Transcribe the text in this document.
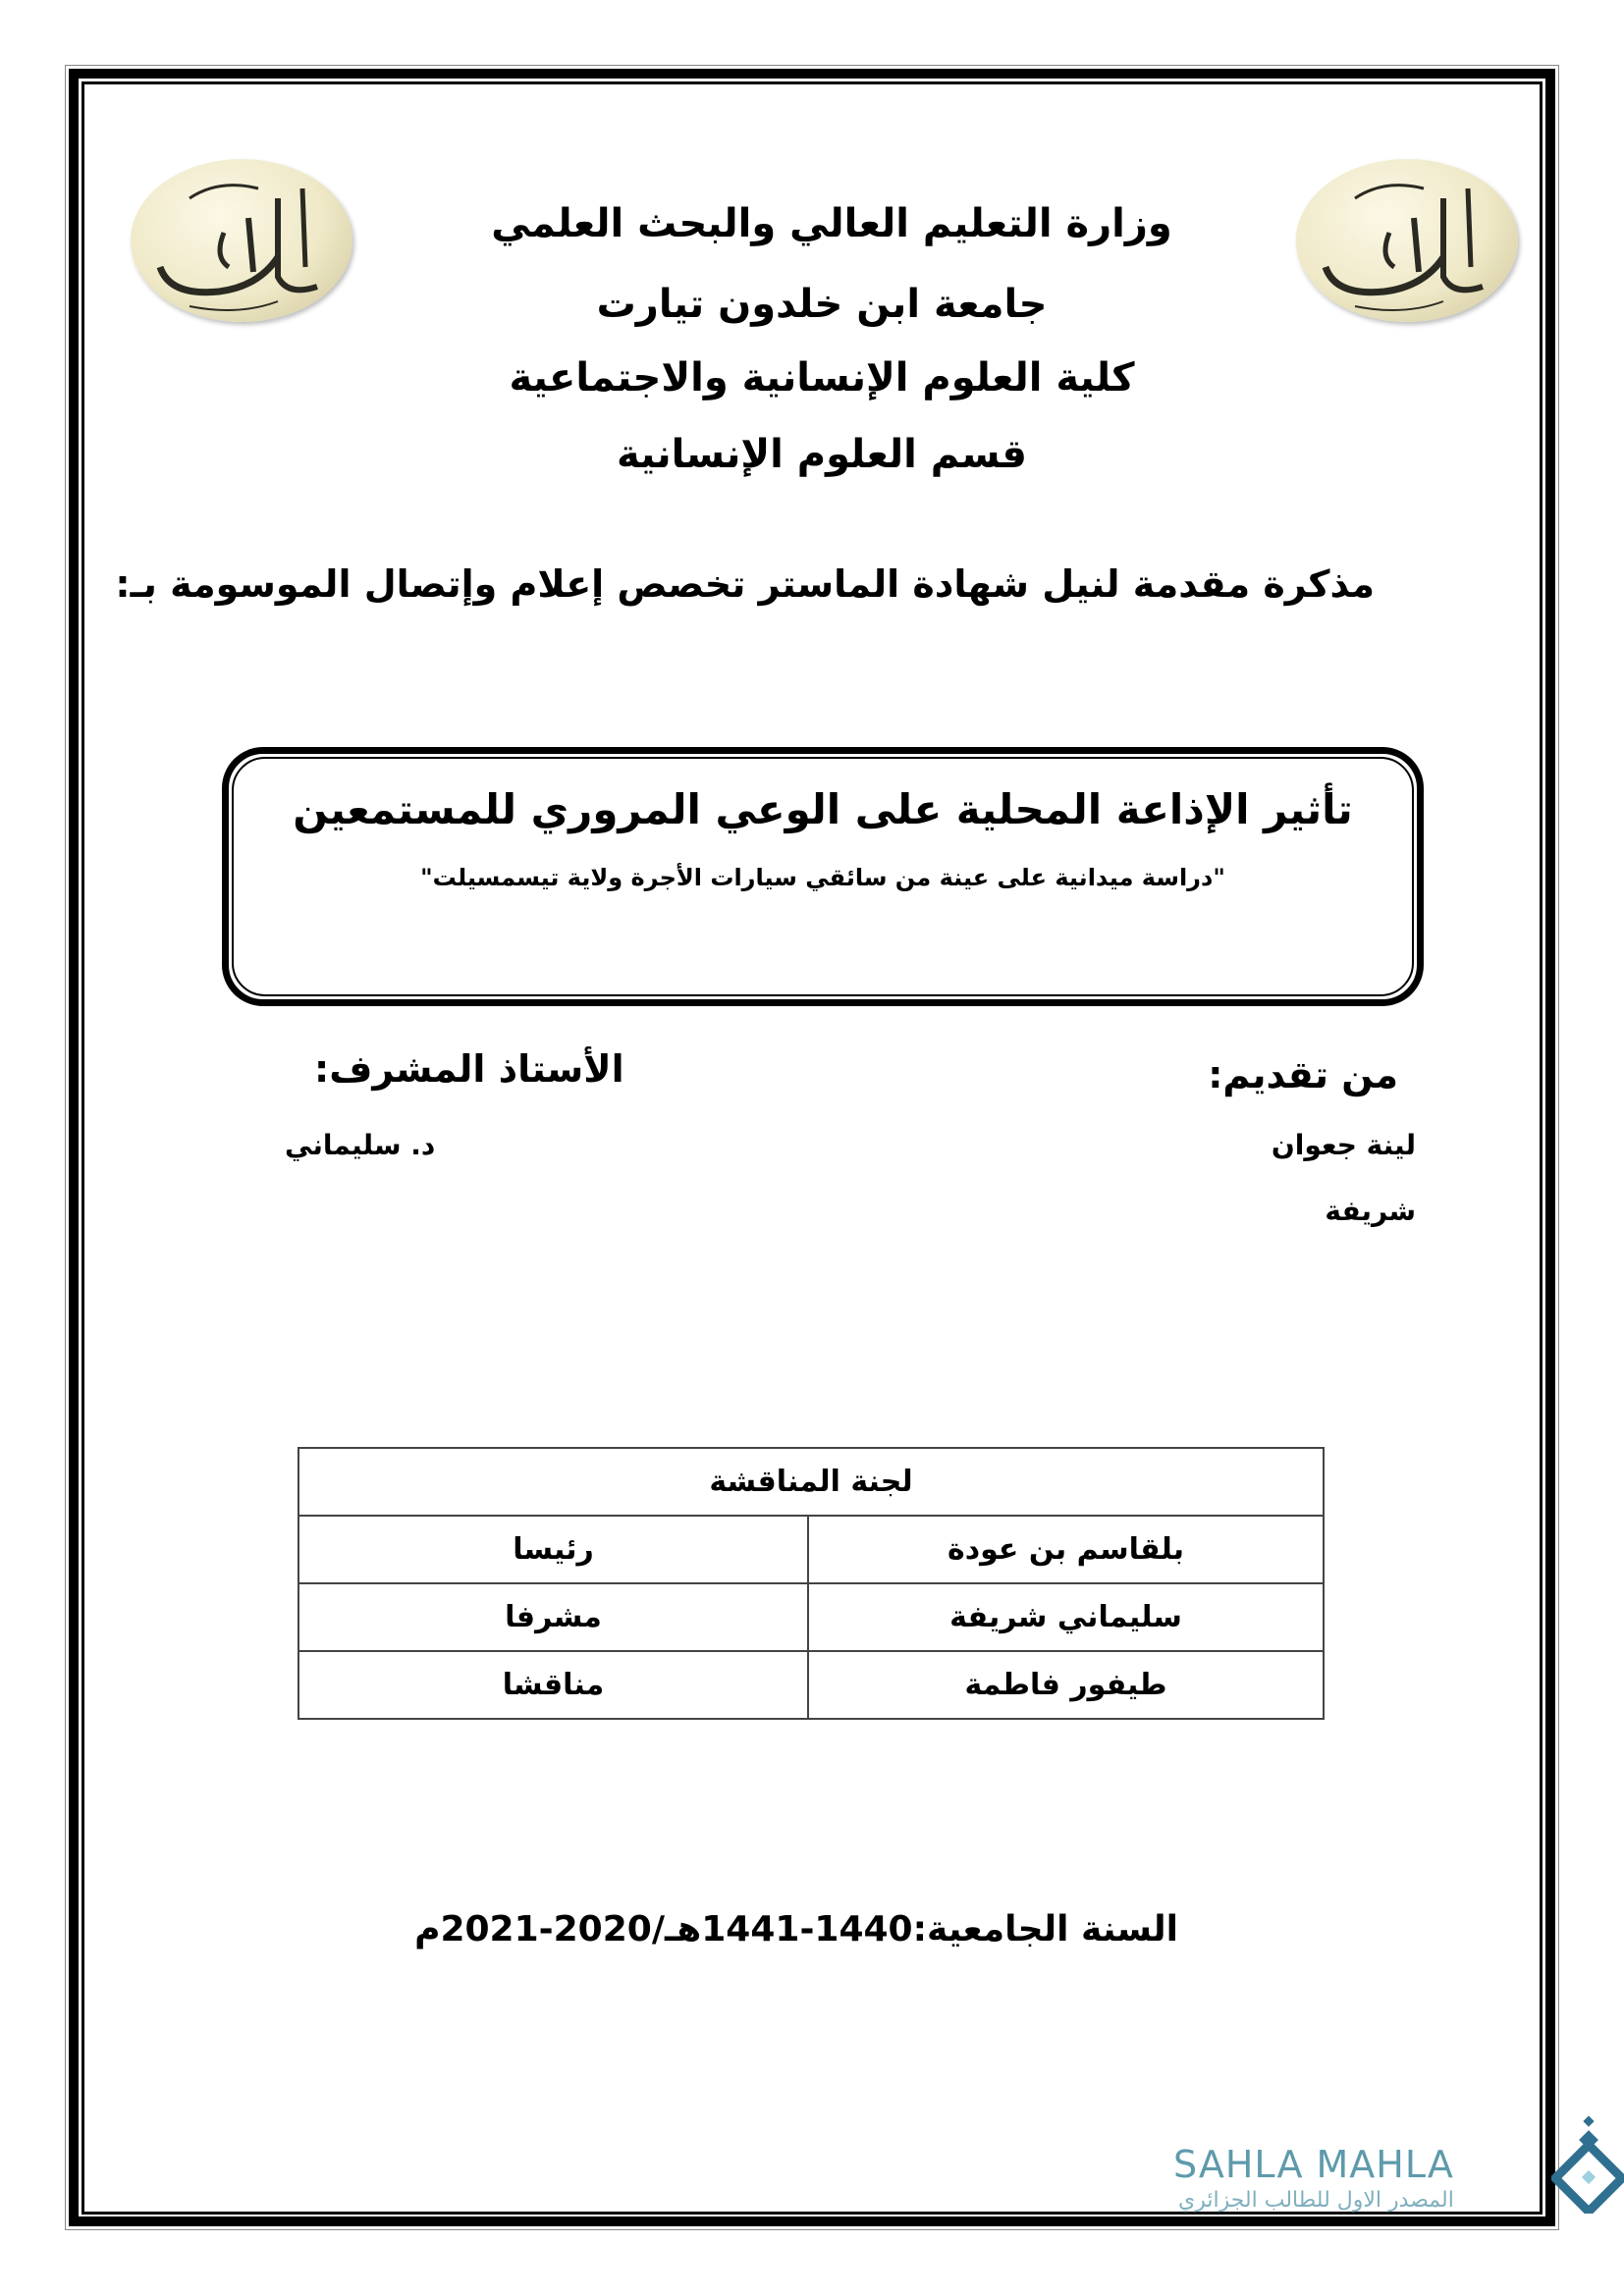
وزارة التعليم العالي والبحث العلمي
جامعة ابن خلدون تيارت
كلية العلوم الإنسانية والاجتماعية
قسم العلوم الإنسانية
مذكرة مقدمة لنيل شهادة الماستر تخصص إعلام وإتصال الموسومة بـ:
تأثير الإذاعة المحلية على الوعي المروري للمستمعين
"دراسة ميدانية على عينة من سائقي سيارات الأجرة ولاية تيسمسيلت"
من تقديم:
الأستاذ المشرف:
لينة جعوان
شريفة
د. سليماني
لجنة المناقشة	
بلقاسم بن عودة	رئيسا
سليماني شريفة	مشرفا
طيفور فاطمة	مناقشا
السنة الجامعية:1440-1441هـ/2020-2021م
SAHLA MAHLA
المصدر الاول للطالب الجزائري
